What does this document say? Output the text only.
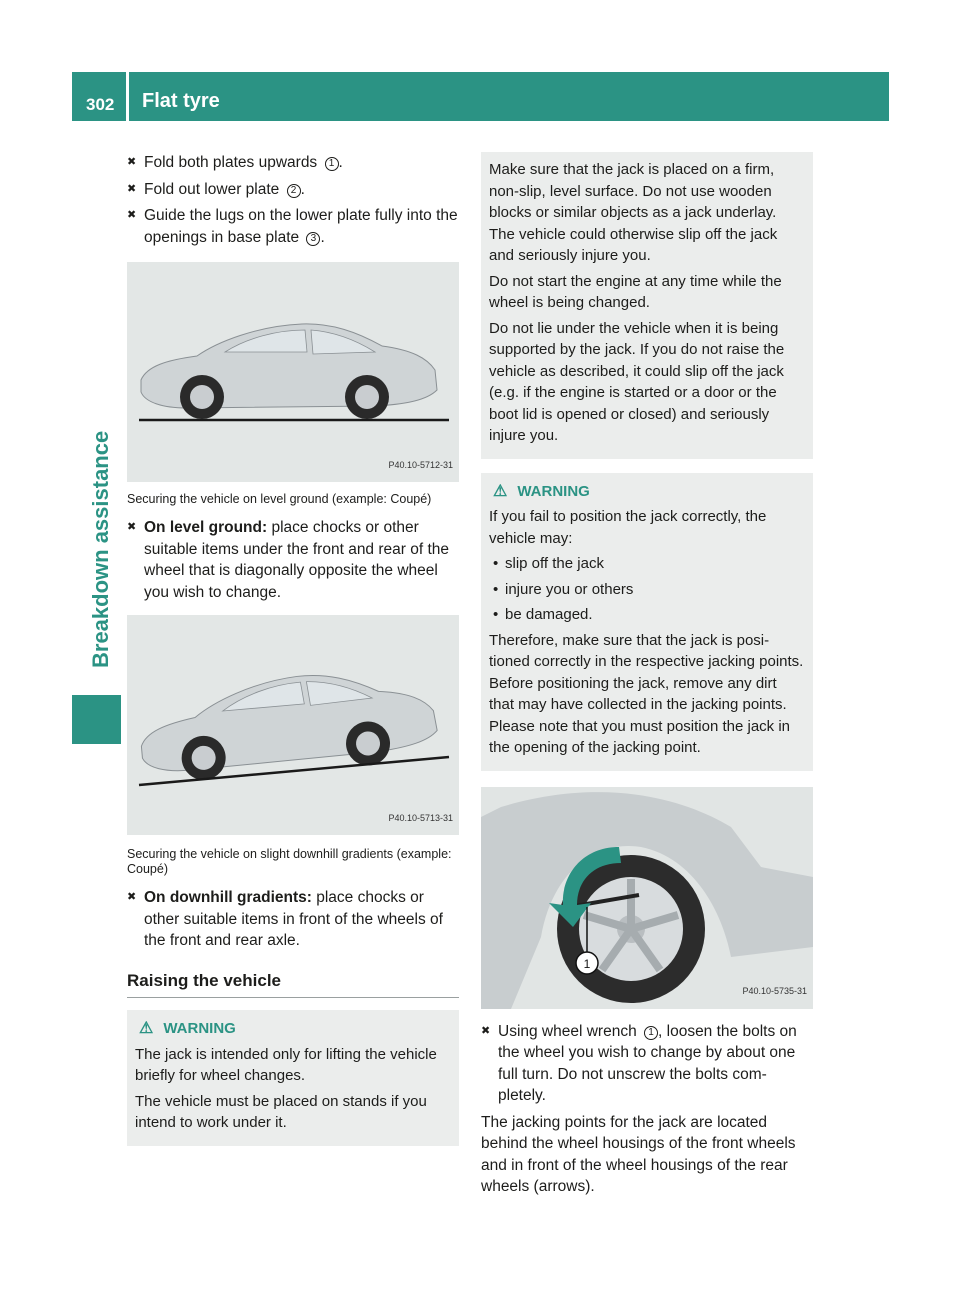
302	Flat tyre
Breakdown assistance
✖ Fold both plates upwards 1 .
✖ Fold out lower plate 2 .
✖ Guide the lugs on the lower plate fully into the openings in base plate 3 .
P40.10-5712-31
Securing the vehicle on level ground (example: Coupé)
✖ On level ground: place chocks or other suitable items under the front and rear of the wheel that is diagonally opposite the wheel you wish to change.
P40.10-5713-31
Securing the vehicle on slight downhill gradients (example: Coupé)
✖ On downhill gradients: place chocks or other suitable items in front of the wheels of the front and rear axle.
Raising the vehicle
⚠ WARNING

The jack is intended only for lifting the vehicle briefly for wheel changes.

The vehicle must be placed on stands if you intend to work under it.

Make sure that the jack is placed on a firm, non-slip, level surface. Do not use wooden blocks or similar objects as a jack underlay. The vehicle could otherwise slip off the jack and seriously injure you.

Do not start the engine at any time while the wheel is being changed.

Do not lie under the vehicle when it is being supported by the jack. If you do not raise the vehicle as described, it could slip off the jack (e.g. if the engine is started or a door or the boot lid is opened or closed) and seriously injure you.

⚠ WARNING

If you fail to position the jack correctly, the vehicle may:

• slip off the jack
• injure you or others
• be damaged.

Therefore, make sure that the jack is posi- tioned correctly in the respective jacking points. Before positioning the jack, remove any dirt that may have collected in the jacking points. Please note that you must position the jack in the opening of the jacking point.

1
P40.10-5735-31
✖ Using wheel wrench 1 , loosen the bolts on the wheel you wish to change by about one full turn. Do not unscrew the bolts com- pletely.

The jacking points for the jack are located behind the wheel housings of the front wheels and in front of the wheel housings of the rear wheels (arrows).
